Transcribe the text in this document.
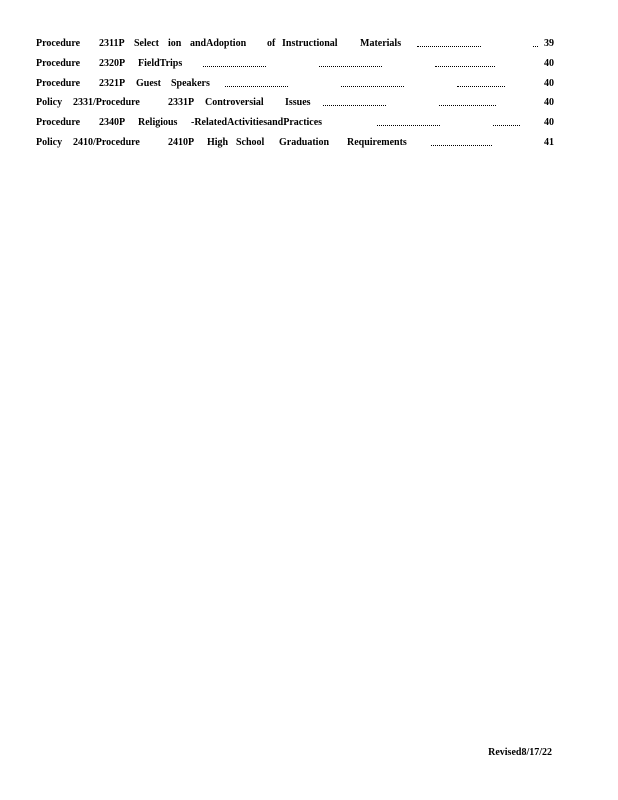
Procedure 2311P Select ion andAdoption of Instructional Materials	39
Procedure 2320P FieldTrips	40
Procedure 2321P Guest Speakers	40
Policy 2331/Procedure	2331P Controversial Issues	40
Procedure 2340P Religious -RelatedActivitiesandPractices	40
Policy 2410/Procedure	2410P High School Graduation Requirements	41
Revised8/17/22
